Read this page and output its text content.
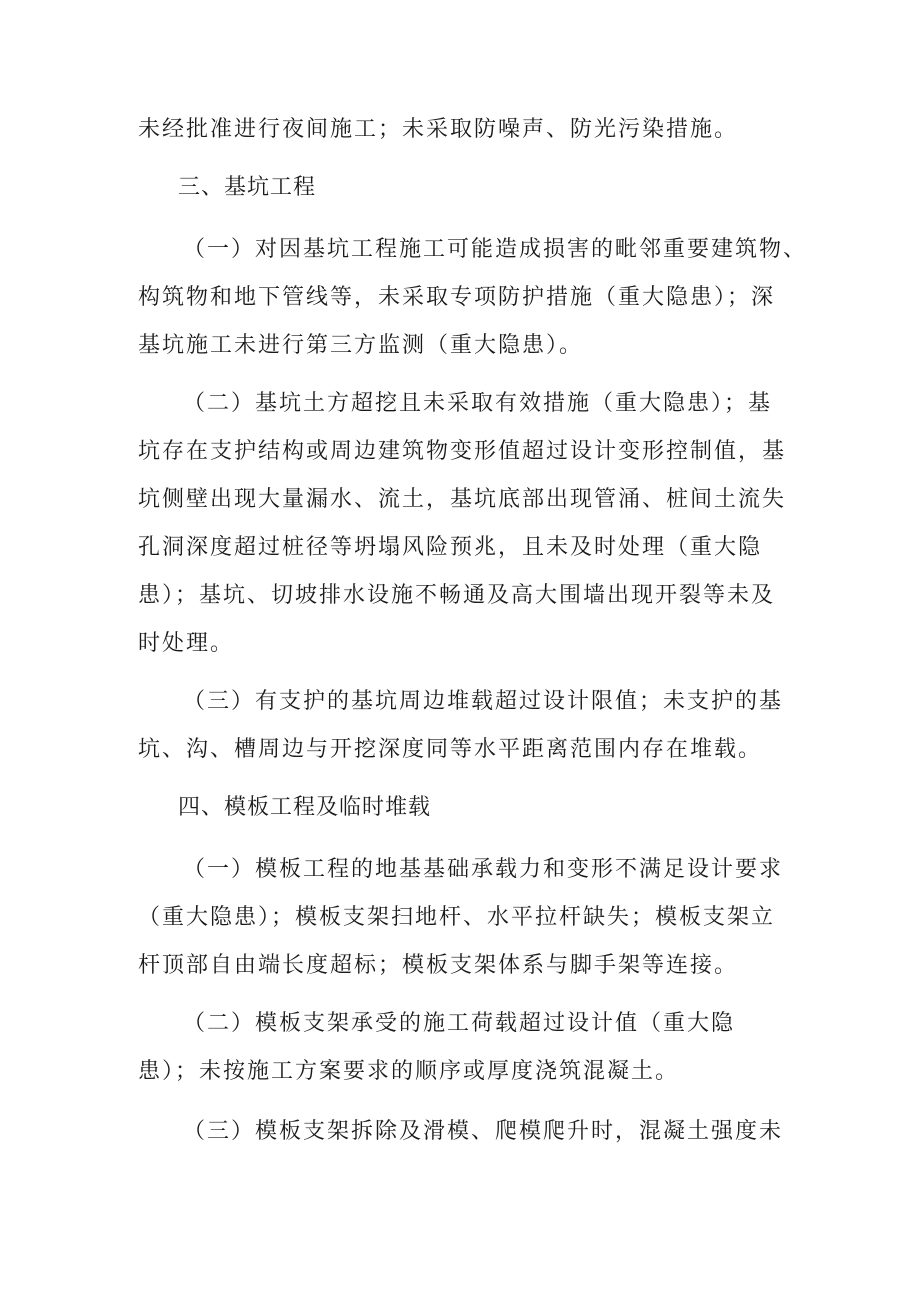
未经批准进行夜间施工；未采取防噪声、防光污染措施。
三、基坑工程
（一）对因基坑工程施工可能造成损害的毗邻重要建筑物、
构筑物和地下管线等，未采取专项防护措施（重大隐患）；深
基坑施工未进行第三方监测（重大隐患）。
（二）基坑土方超挖且未采取有效措施（重大隐患）；基
坑存在支护结构或周边建筑物变形值超过设计变形控制值，基
坑侧壁出现大量漏水、流土，基坑底部出现管涌、桩间土流失
孔洞深度超过桩径等坍塌风险预兆，且未及时处理（重大隐
患）；基坑、切坡排水设施不畅通及高大围墙出现开裂等未及
时处理。
（三）有支护的基坑周边堆载超过设计限值；未支护的基
坑、沟、槽周边与开挖深度同等水平距离范围内存在堆载。
四、模板工程及临时堆载
（一）模板工程的地基基础承载力和变形不满足设计要求
（重大隐患）；模板支架扫地杆、水平拉杆缺失；模板支架立
杆顶部自由端长度超标；模板支架体系与脚手架等连接。
（二）模板支架承受的施工荷载超过设计值（重大隐
患）；未按施工方案要求的顺序或厚度浇筑混凝土。
（三）模板支架拆除及滑模、爬模爬升时，混凝土强度未
